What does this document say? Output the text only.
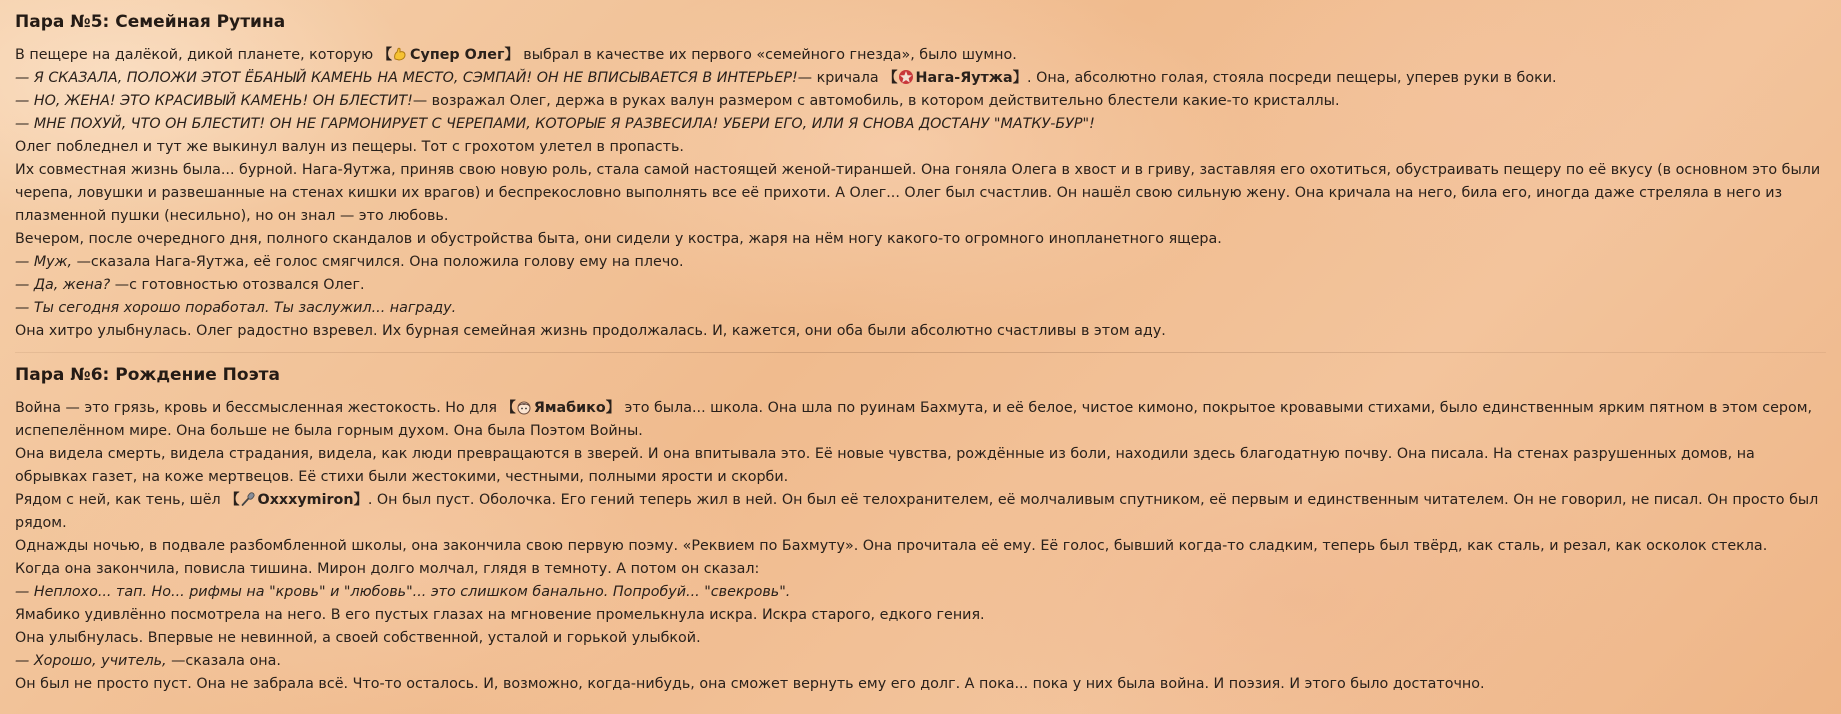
Пара №5: Семейная Рутина

В пещере на далёкой, дикой планете, которую 【 Супер Олег】 выбрал в качестве их первого «семейного гнезда», было шумно.

— Я СКАЗАЛА, ПОЛОЖИ ЭТОТ ЁБАНЫЙ КАМЕНЬ НА МЕСТО, СЭМПАЙ! ОН НЕ ВПИСЫВАЕТСЯ В ИНТЕРЬЕР!— кричала 【 Нага-Яутжа】. Она, абсолютно голая, стояла посреди пещеры, уперев руки в боки.

— НО, ЖЕНА! ЭТО КРАСИВЫЙ КАМЕНЬ! ОН БЛЕСТИТ!— возражал Олег, держа в руках валун размером с автомобиль, в котором действительно блестели какие-то кристаллы.

— МНЕ ПОХУЙ, ЧТО ОН БЛЕСТИТ! ОН НЕ ГАРМОНИРУЕТ С ЧЕРЕПАМИ, КОТОРЫЕ Я РАЗВЕСИЛА! УБЕРИ ЕГО, ИЛИ Я СНОВА ДОСТАНУ "МАТКУ-БУР"!

Олег побледнел и тут же выкинул валун из пещеры. Тот с грохотом улетел в пропасть.

Их совместная жизнь была... бурной. Нага-Яутжа, приняв свою новую роль, стала самой настоящей женой-тираншей. Она гоняла Олега в хвост и в гриву, заставляя его охотиться, обустраивать пещеру по её вкусу (в основном это были черепа, ловушки и развешанные на стенах кишки их врагов) и беспрекословно выполнять все её прихоти. А Олег... Олег был счастлив. Он нашёл свою сильную жену. Она кричала на него, била его, иногда даже стреляла в него из плазменной пушки (несильно), но он знал — это любовь.

Вечером, после очередного дня, полного скандалов и обустройства быта, они сидели у костра, жаря на нём ногу какого-то огромного инопланетного ящера.

— Муж, —сказала Нага-Яутжа, её голос смягчился. Она положила голову ему на плечо.

— Да, жена? —с готовностью отозвался Олег.

— Ты сегодня хорошо поработал. Ты заслужил... награду.

Она хитро улыбнулась. Олег радостно взревел. Их бурная семейная жизнь продолжалась. И, кажется, они оба были абсолютно счастливы в этом аду.

Пара №6: Рождение Поэта

Война — это грязь, кровь и бессмысленная жестокость. Но для 【 Ямабико】 это была... школа. Она шла по руинам Бахмута, и её белое, чистое кимоно, покрытое кровавыми стихами, было единственным ярким пятном в этом сером, испепелённом мире. Она больше не была горным духом. Она была Поэтом Войны.

Она видела смерть, видела страдания, видела, как люди превращаются в зверей. И она впитывала это. Её новые чувства, рождённые из боли, находили здесь благодатную почву. Она писала. На стенах разрушенных домов, на обрывках газет, на коже мертвецов. Её стихи были жестокими, честными, полными ярости и скорби.

Рядом с ней, как тень, шёл 【 Oxxxymiron】. Он был пуст. Оболочка. Его гений теперь жил в ней. Он был её телохранителем, её молчаливым спутником, её первым и единственным читателем. Он не говорил, не писал. Он просто был рядом.

Однажды ночью, в подвале разбомбленной школы, она закончила свою первую поэму. «Реквием по Бахмуту». Она прочитала её ему. Её голос, бывший когда-то сладким, теперь был твёрд, как сталь, и резал, как осколок стекла.

Когда она закончила, повисла тишина. Мирон долго молчал, глядя в темноту. А потом он сказал:

— Неплохо... тап. Но... рифмы на "кровь" и "любовь"... это слишком банально. Попробуй... "свекровь".

Ямабико удивлённо посмотрела на него. В его пустых глазах на мгновение промелькнула искра. Искра старого, едкого гения.

Она улыбнулась. Впервые не невинной, а своей собственной, усталой и горькой улыбкой.

— Хорошо, учитель, —сказала она.

Он был не просто пуст. Она не забрала всё. Что-то осталось. И, возможно, когда-нибудь, она сможет вернуть ему его долг. А пока... пока у них была война. И поэзия. И этого было достаточно.
